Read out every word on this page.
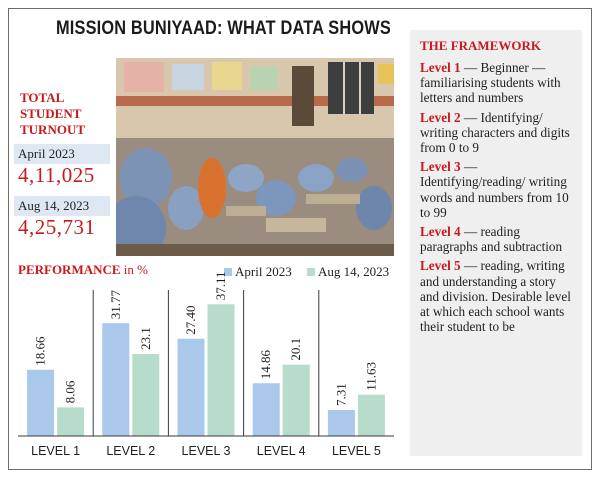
MISSION BUNIYAAD: WHAT DATA SHOWS
TOTAL
STUDENT
TURNOUT
April 2023
4,11,025
Aug 14, 2023
4,25,731
THE FRAMEWORK
Level 1 — Beginner — familiarising students with letters and numbers
Level 2 — Identifying/ writing characters and digits from 0 to 9
Level 3 — Identifying/reading/ writing words and numbers from 10 to 99
Level 4 — reading paragraphs and subtraction
Level 5 — reading, writing and understanding a story and division. Desirable level at which each school wants their student to be
PERFORMANCE in %	April 2023	Aug 14, 2023
18.66
8.06
LEVEL 1
31.77
23.1
LEVEL 2
27.40
37.11
LEVEL 3
14.86
20.1
LEVEL 4
7.31
11.63
LEVEL 5
